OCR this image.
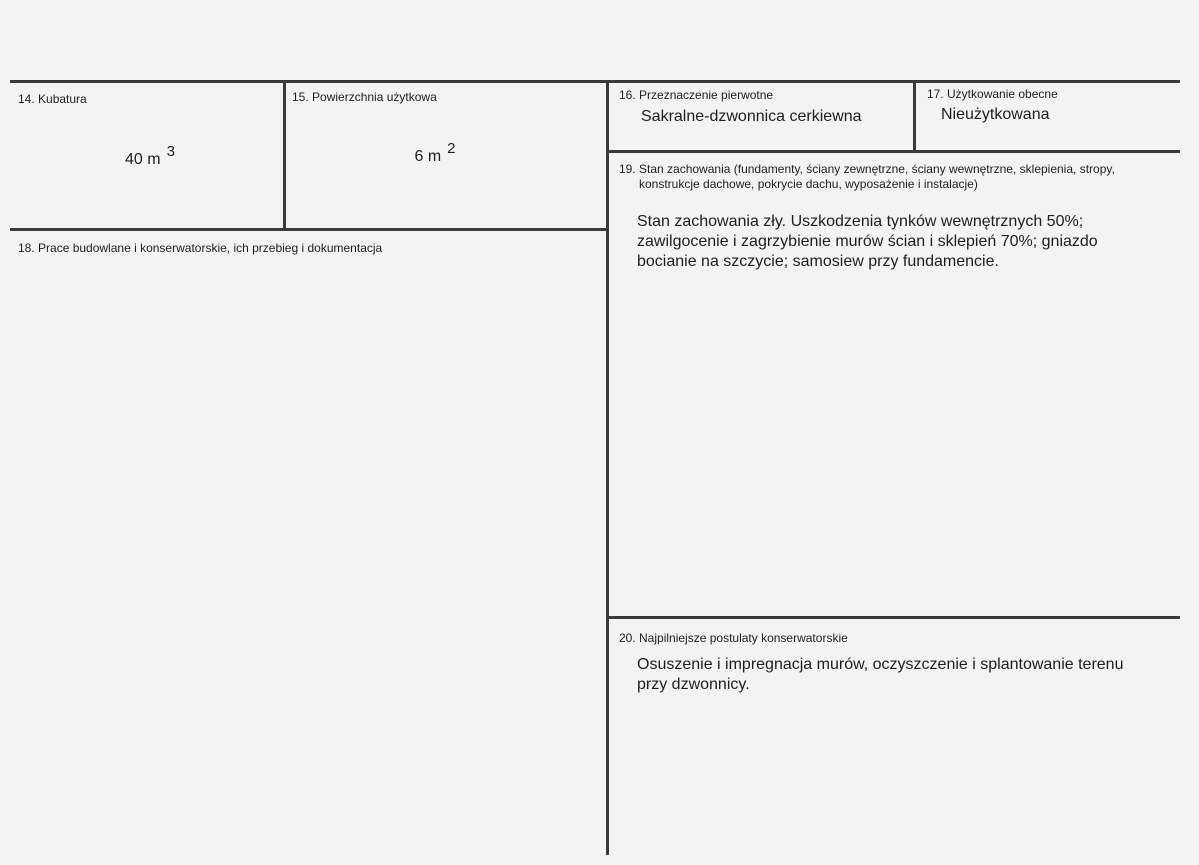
14. Kubatura

40 m $^3$

15. Powierzchnia użytkowa

6 m $^2$

16. Przeznaczenie pierwotne

Sakralne-dzwonnica cerkiewna

17. Użytkowanie obecne

Nieużytkowana

18. Prace budowlane i konserwatorskie, ich przebieg i dokumentacja

19. Stan zachowania (fundamenty, ściany zewnętrzne, ściany wewnętrzne, sklepienia, stropy,

konstrukcje dachowe, pokrycie dachu, wyposażenie i instalacje)

Stan zachowania zły. Uszkodzenia tynków wewnętrznych 50%; zawilgocenie i zagrzybienie murów ścian i sklepień 70%; gniazdo bocianie na szczycie; samosiew przy fundamencie.

20. Najpilniejsze postulaty konserwatorskie

Osuszenie i impregnacja murów, oczyszczenie i splantowanie terenu przy dzwonnicy.
